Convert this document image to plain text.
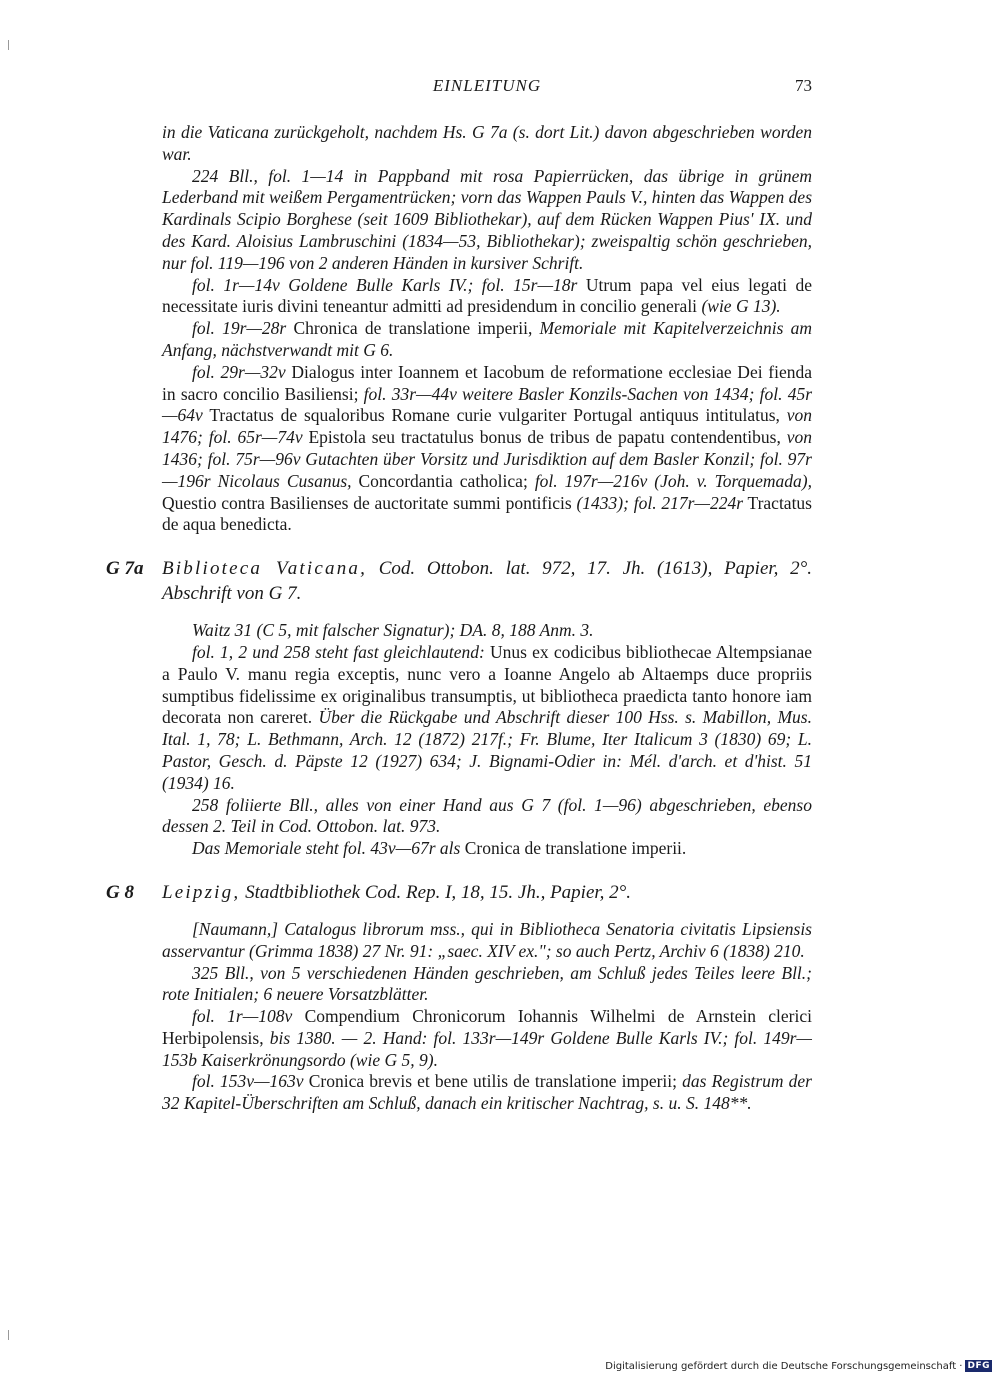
EINLEITUNG	73

in die Vaticana zurückgeholt, nachdem Hs. G 7a (s. dort Lit.) davon abgeschrieben worden war.

224 Bll., fol. 1—14 in Pappband mit rosa Papierrücken, das übrige in grünem Lederband mit weißem Pergamentrücken; vorn das Wappen Pauls V., hinten das Wappen des Kardinals Scipio Borghese (seit 1609 Bibliothekar), auf dem Rücken Wappen Pius' IX. und des Kard. Aloisius Lambruschini (1834—53, Bibliothekar); zweispaltig schön geschrieben, nur fol. 119—196 von 2 anderen Händen in kursiver Schrift.

fol. 1r—14v Goldene Bulle Karls IV.; fol. 15r—18r Utrum papa vel eius legati de necessitate iuris divini teneantur admitti ad presidendum in concilio generali (wie G 13).

fol. 19r—28r Chronica de translatione imperii, Memoriale mit Kapitelverzeichnis am Anfang, nächstverwandt mit G 6.

fol. 29r—32v Dialogus inter Ioannem et Iacobum de reformatione ecclesiae Dei fienda in sacro concilio Basiliensi; fol. 33r—44v weitere Basler Konzils-Sachen von 1434; fol. 45r—64v Tractatus de squaloribus Romane curie vulgariter Portugal antiquus intitulatus, von 1476; fol. 65r—74v Epistola seu tractatulus bonus de tribus de papatu contendentibus, von 1436; fol. 75r—96v Gutachten über Vorsitz und Jurisdiktion auf dem Basler Konzil; fol. 97r—196r Nicolaus Cusanus, Concordantia catholica; fol. 197r—216v (Joh. v. Torquemada), Questio contra Basilienses de auctoritate summi pontificis (1433); fol. 217r—224r Tractatus de aqua benedicta.

G 7a Biblioteca Vaticana, Cod. Ottobon. lat. 972, 17. Jh. (1613), Papier, 2°. Abschrift von G 7.

Waitz 31 (C 5, mit falscher Signatur); DA. 8, 188 Anm. 3.

fol. 1, 2 und 258 steht fast gleichlautend: Unus ex codicibus bibliothecae Altempsianae a Paulo V. manu regia exceptis, nunc vero a Ioanne Angelo ab Altaemps duce propriis sumptibus fidelissime ex originalibus transumptis, ut bibliotheca praedicta tanto honore iam decorata non careret. Über die Rückgabe und Abschrift dieser 100 Hss. s. Mabillon, Mus. Ital. 1, 78; L. Bethmann, Arch. 12 (1872) 217f.; Fr. Blume, Iter Italicum 3 (1830) 69; L. Pastor, Gesch. d. Päpste 12 (1927) 634; J. Bignami-Odier in: Mél. d'arch. et d'hist. 51 (1934) 16.

258 foliierte Bll., alles von einer Hand aus G 7 (fol. 1—96) abgeschrieben, ebenso dessen 2. Teil in Cod. Ottobon. lat. 973.

Das Memoriale steht fol. 43v—67r als Cronica de translatione imperii.

G 8 Leipzig, Stadtbibliothek Cod. Rep. I, 18, 15. Jh., Papier, 2°.

[Naumann,] Catalogus librorum mss., qui in Bibliotheca Senatoria civitatis Lipsiensis asservantur (Grimma 1838) 27 Nr. 91: „saec. XIV ex."; so auch Pertz, Archiv 6 (1838) 210.

325 Bll., von 5 verschiedenen Händen geschrieben, am Schluß jedes Teiles leere Bll.; rote Initialen; 6 neuere Vorsatzblätter.

fol. 1r—108v Compendium Chronicorum Iohannis Wilhelmi de Arnstein clerici Herbipolensis, bis 1380. — 2. Hand: fol. 133r—149r Goldene Bulle Karls IV.; fol. 149r—153b Kaiserkrönungsordo (wie G 5, 9).

fol. 153v—163v Cronica brevis et bene utilis de translatione imperii; das Registrum der 32 Kapitel-Überschriften am Schluß, danach ein kritischer Nachtrag, s. u. S. 148**.

Digitalisierung gefördert durch die Deutsche Forschungsgemeinschaft · DFG
